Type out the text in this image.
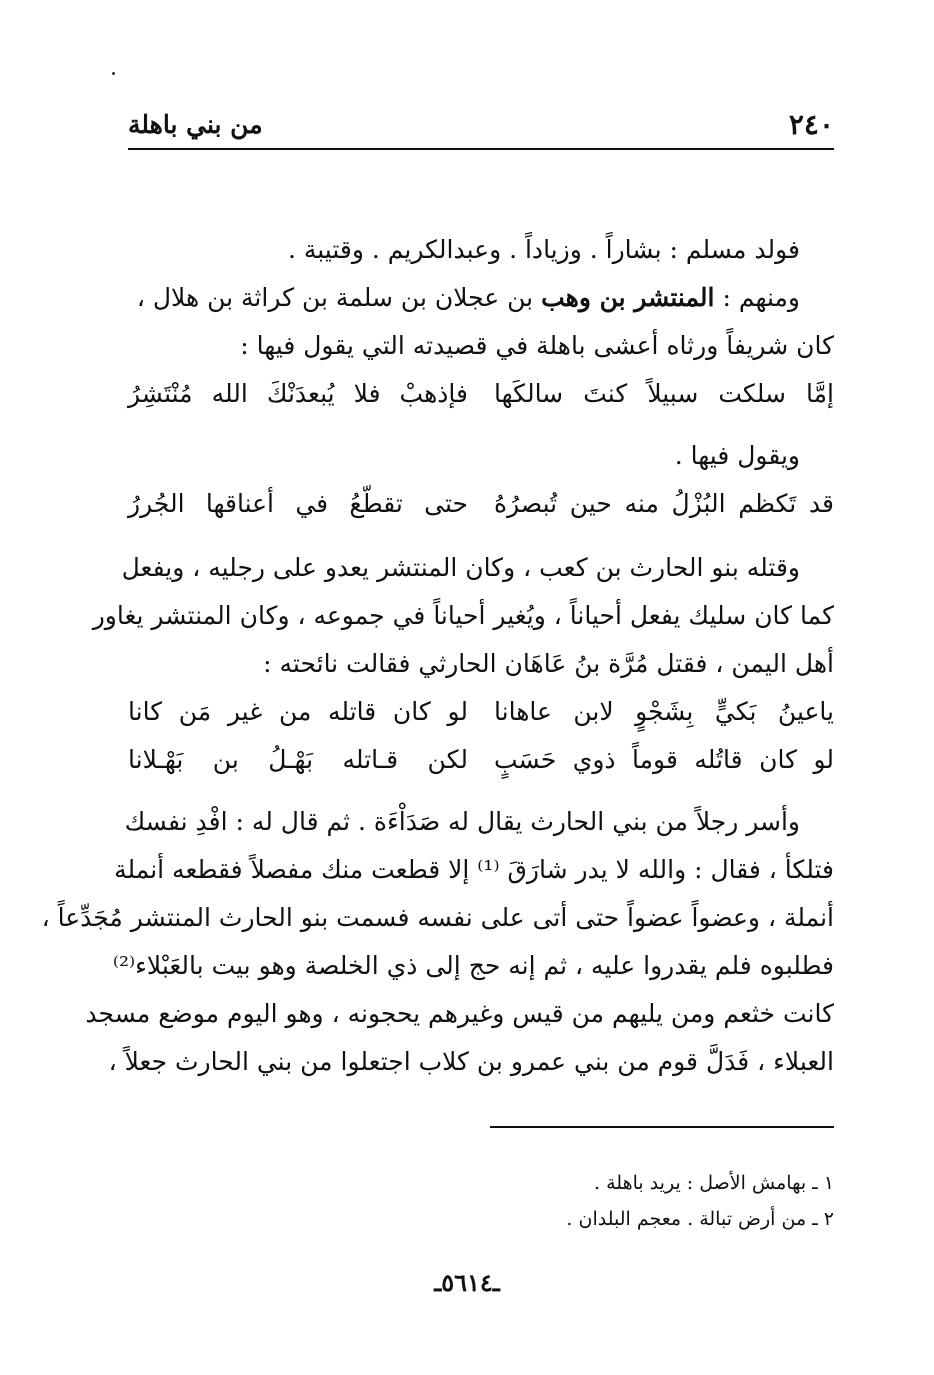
من بني باهلة	٢٤٠
فولد مسلم : بشاراً . وزياداً . وعبدالكريم . وقتيبة .
ومنهم : المنتشر بن وهب بن عجلان بن سلمة بن كراثة بن هلال ،
كان شريفاً ورثاه أعشى باهلة في قصيدته التي يقول فيها :
إمَّا سلكت سبيلاً كنتَ سالكَها
فإذهبْ فلا يُبعدَنْكَ الله مُنْتَشِرُ
ويقول فيها .
قد تَكظم البُزْلُ منه حين تُبصرُهُ
حتى تقطّعُ في أعناقها الجُررُ
وقتله بنو الحارث بن كعب ، وكان المنتشر يعدو على رجليه ، ويفعل
كما كان سليك يفعل أحياناً ، ويُغير أحياناً في جموعه ، وكان المنتشر يغاور
أهل اليمن ، فقتل مُرَّة بنُ عَاهَان الحارثي فقالت نائحته :
ياعينُ بَكيٍّ بِشَجْوٍ لابن عاهانا
لو كان قاتله من غير مَن كانا
لو كان قاتُله قوماً ذوي حَسَبٍ
لكن قـاتله بَهْـلُ بن بَهْـلانا
وأسر رجلاً من بني الحارث يقال له صَدَاْءَة . ثم قال له : افْدِ نفسك
فتلكأ ، فقال : والله لا يدر شارَقَ ⁽¹⁾ إلا قطعت منك مفصلاً فقطعه أنملة
أنملة ، وعضواً عضواً حتى أتى على نفسه فسمت بنو الحارث المنتشر مُجَدِّعاً ،
فطلبوه فلم يقدروا عليه ، ثم إنه حج إلى ذي الخلصة وهو بيت بالعَبْلاء⁽²⁾
كانت خثعم ومن يليهم من قيس وغيرهم يحجونه ، وهو اليوم موضع مسجد
العبلاء ، فَدَلَّ قوم من بني عمرو بن كلاب اجتعلوا من بني الحارث جعلاً ،
١ ـ بهامش الأصل : يريد باهلة .
٢ ـ من أرض تبالة . معجم البلدان .
ـ٥٦١٤ـ
